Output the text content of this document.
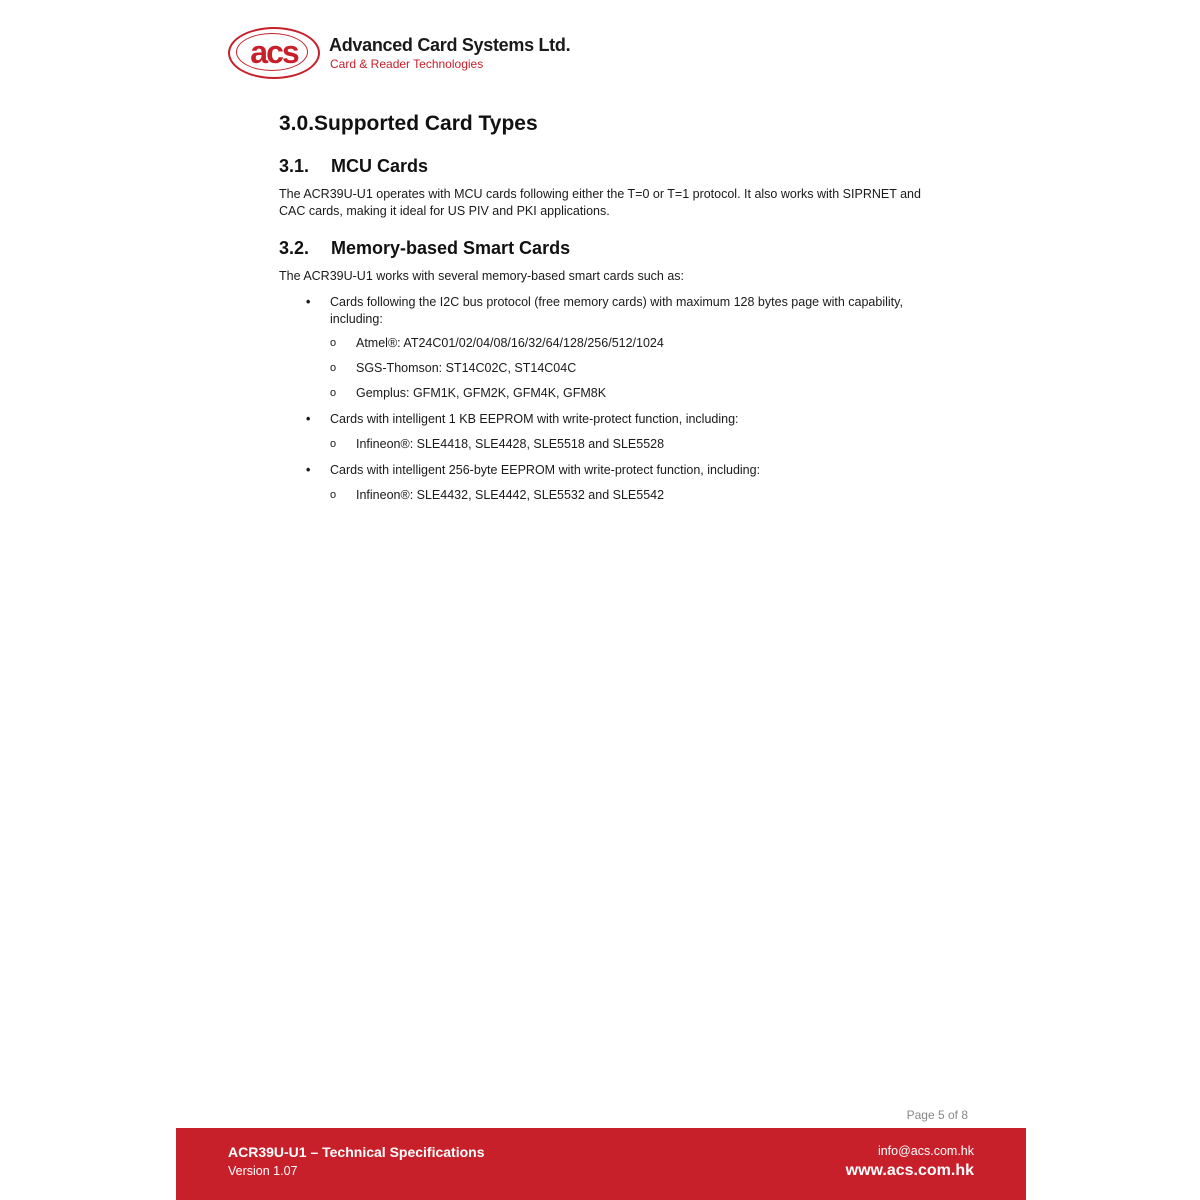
acs	Advanced Card Systems Ltd.
Card & Reader Technologies
3.0.Supported Card Types
3.1. MCU Cards
The ACR39U-U1 operates with MCU cards following either the T=0 or T=1 protocol. It also works with SIPRNET and CAC cards, making it ideal for US PIV and PKI applications.
3.2. Memory-based Smart Cards
The ACR39U-U1 works with several memory-based smart cards such as:
•	Cards following the I2C bus protocol (free memory cards) with maximum 128 bytes page with capability, including:
o Atmel®: AT24C01/02/04/08/16/32/64/128/256/512/1024
o SGS-Thomson: ST14C02C, ST14C04C
o Gemplus: GFM1K, GFM2K, GFM4K, GFM8K
•	Cards with intelligent 1 KB EEPROM with write-protect function, including:
o Infineon®: SLE4418, SLE4428, SLE5518 and SLE5528
•	Cards with intelligent 256-byte EEPROM with write-protect function, including:
o Infineon®: SLE4432, SLE4442, SLE5532 and SLE5542
Page 5 of 8
ACR39U-U1 – Technical Specifications
Version 1.07
info@acs.com.hk
www.acs.com.hk
